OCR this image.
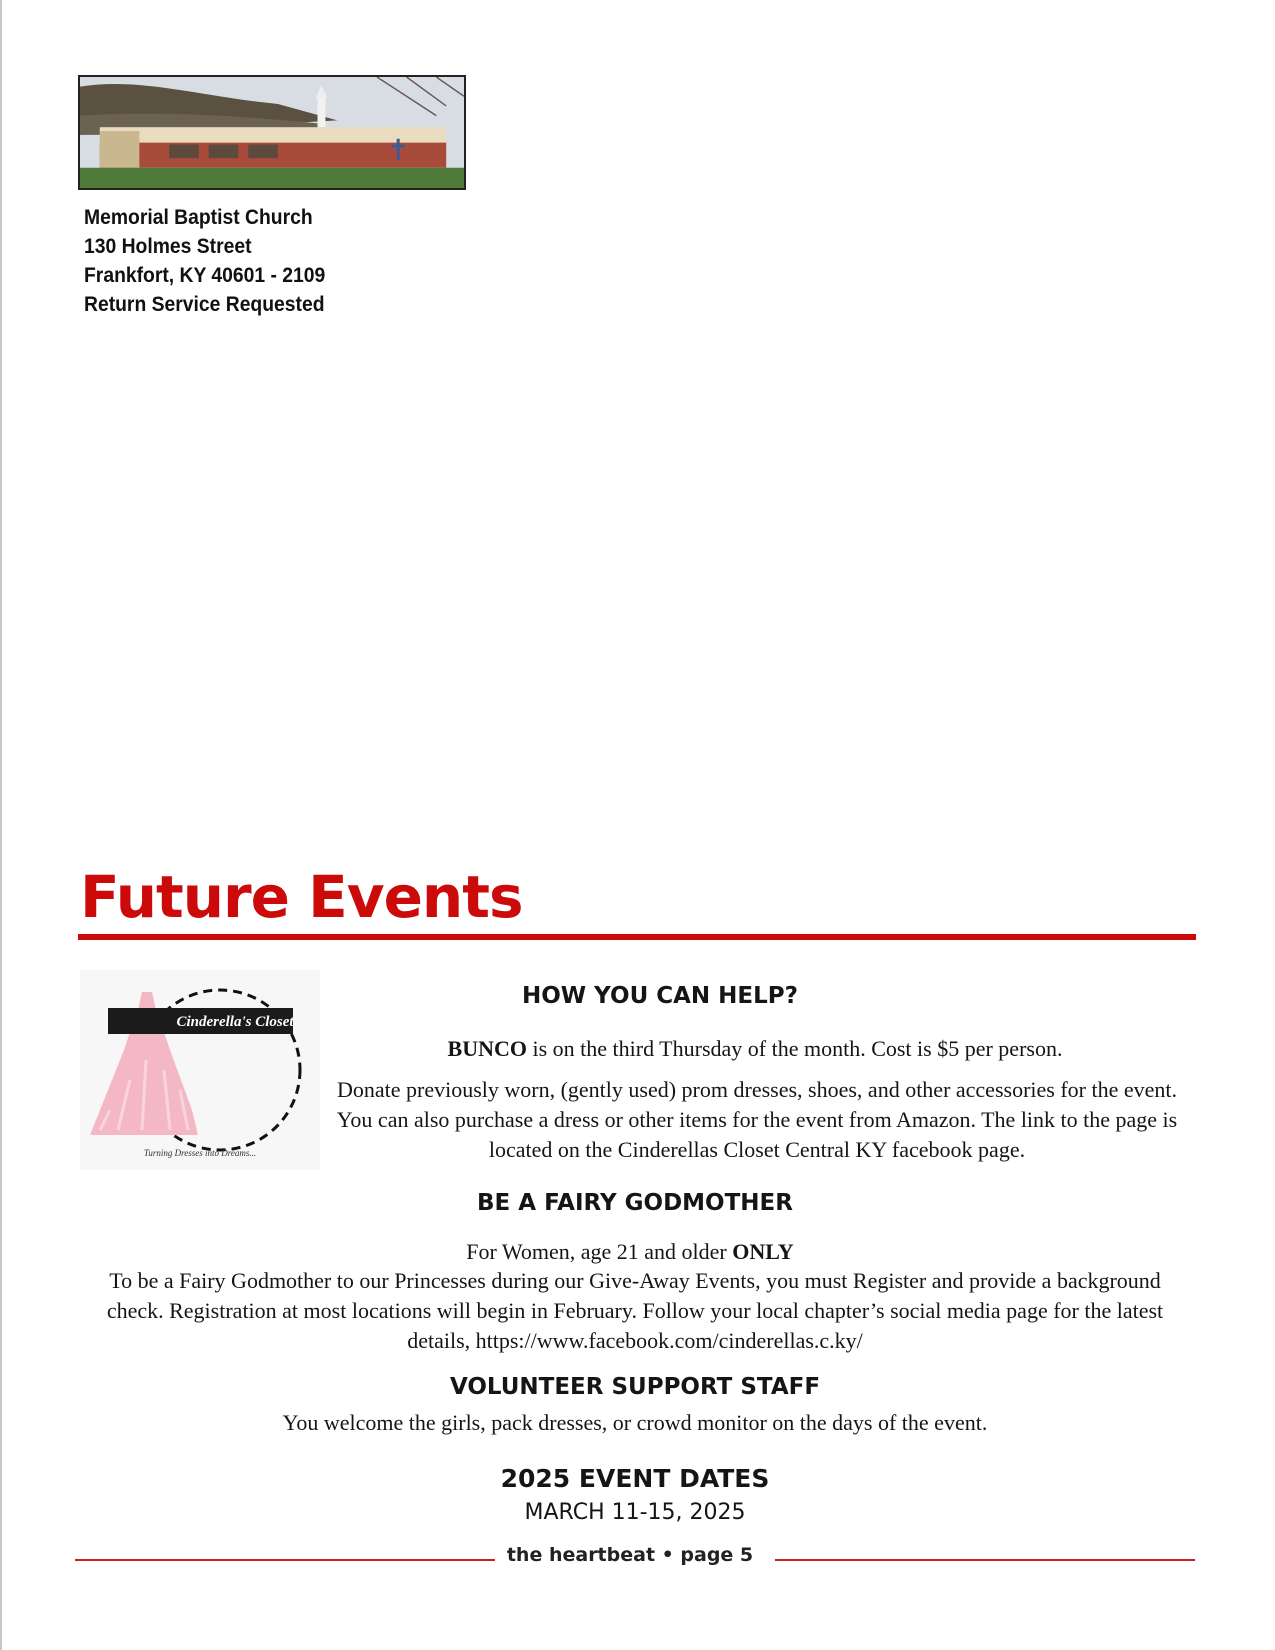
Memorial Baptist Church
130 Holmes Street
Frankfort, KY 40601 - 2109
Return Service Requested
Future Events
Cinderella's Closet
Turning Dresses into Dreams...
HOW YOU CAN HELP?
BUNCO is on the third Thursday of the month. Cost is $5 per person.
Donate previously worn, (gently used) prom dresses, shoes, and other accessories for the event. You can also purchase a dress or other items for the event from Amazon. The link to the page is located on the Cinderellas Closet Central KY facebook page.
BE A FAIRY GODMOTHER
For Women, age 21 and older ONLY
To be a Fairy Godmother to our Princesses during our Give-Away Events, you must Register and provide a background check. Registration at most locations will begin in February. Follow your local chapter’s social media page for the latest details, https://www.facebook.com/cinderellas.c.ky/
VOLUNTEER SUPPORT STAFF
You welcome the girls, pack dresses, or crowd monitor on the days of the event.
2025 EVENT DATES
MARCH 11-15, 2025
the heartbeat • page 5
